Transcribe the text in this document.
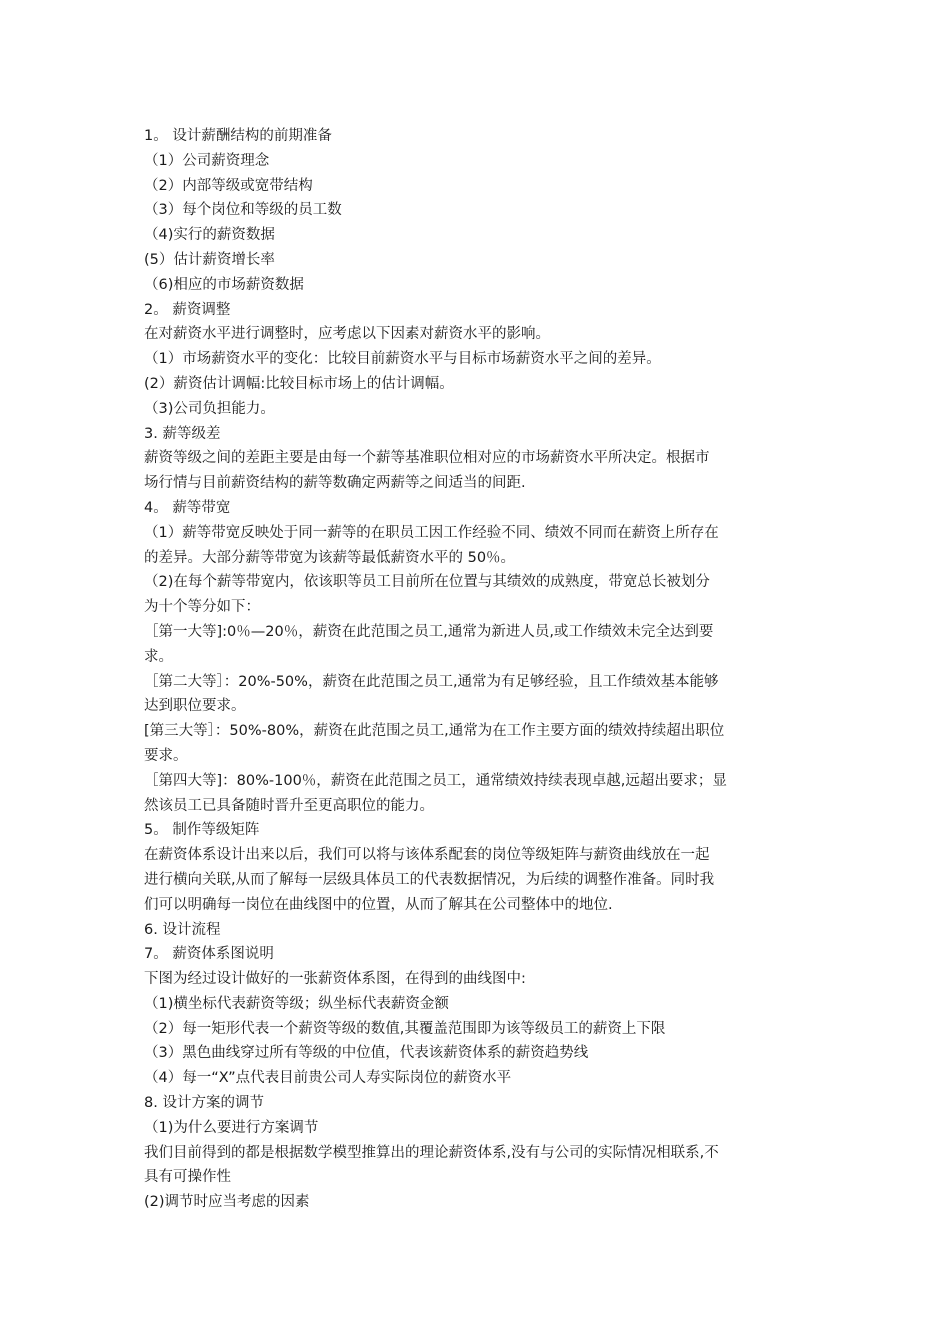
1。 设计薪酬结构的前期准备
（1）公司薪资理念
（2）内部等级或宽带结构
（3）每个岗位和等级的员工数
（4)实行的薪资数据
(5）估计薪资增长率
（6)相应的市场薪资数据
2。 薪资调整
在对薪资水平进行调整时，应考虑以下因素对薪资水平的影响。
（1）市场薪资水平的变化：比较目前薪资水平与目标市场薪资水平之间的差异。
(2）薪资估计调幅:比较目标市场上的估计调幅。
（3)公司负担能力。
3. 薪等级差
薪资等级之间的差距主要是由每一个薪等基准职位相对应的市场薪资水平所决定。根据市
场行情与目前薪资结构的薪等数确定两薪等之间适当的间距.
4。 薪等带宽
（1）薪等带宽反映处于同一薪等的在职员工因工作经验不同、绩效不同而在薪资上所存在
的差异。大部分薪等带宽为该薪等最低薪资水平的 50％。
（2)在每个薪等带宽内，依该职等员工目前所在位置与其绩效的成熟度，带宽总长被划分
为十个等分如下：
［第一大等]:0％—20％，薪资在此范围之员工,通常为新进人员,或工作绩效未完全达到要
求。
［第二大等］：20%-50%，薪资在此范围之员工,通常为有足够经验，且工作绩效基本能够
达到职位要求。
[第三大等］：50%-80%，薪资在此范围之员工,通常为在工作主要方面的绩效持续超出职位
要求。
［第四大等]：80%-100％，薪资在此范围之员工，通常绩效持续表现卓越,远超出要求；显
然该员工已具备随时晋升至更高职位的能力。
5。 制作等级矩阵
在薪资体系设计出来以后，我们可以将与该体系配套的岗位等级矩阵与薪资曲线放在一起
进行横向关联,从而了解每一层级具体员工的代表数据情况，为后续的调整作准备。同时我
们可以明确每一岗位在曲线图中的位置，从而了解其在公司整体中的地位.
6. 设计流程
7。 薪资体系图说明
下图为经过设计做好的一张薪资体系图，在得到的曲线图中:
（1)横坐标代表薪资等级；纵坐标代表薪资金额
（2）每一矩形代表一个薪资等级的数值,其覆盖范围即为该等级员工的薪资上下限
（3）黑色曲线穿过所有等级的中位值，代表该薪资体系的薪资趋势线
（4）每一“X”点代表目前贵公司人寿实际岗位的薪资水平
8. 设计方案的调节
（1)为什么要进行方案调节
我们目前得到的都是根据数学模型推算出的理论薪资体系,没有与公司的实际情况相联系,不
具有可操作性
(2)调节时应当考虑的因素
